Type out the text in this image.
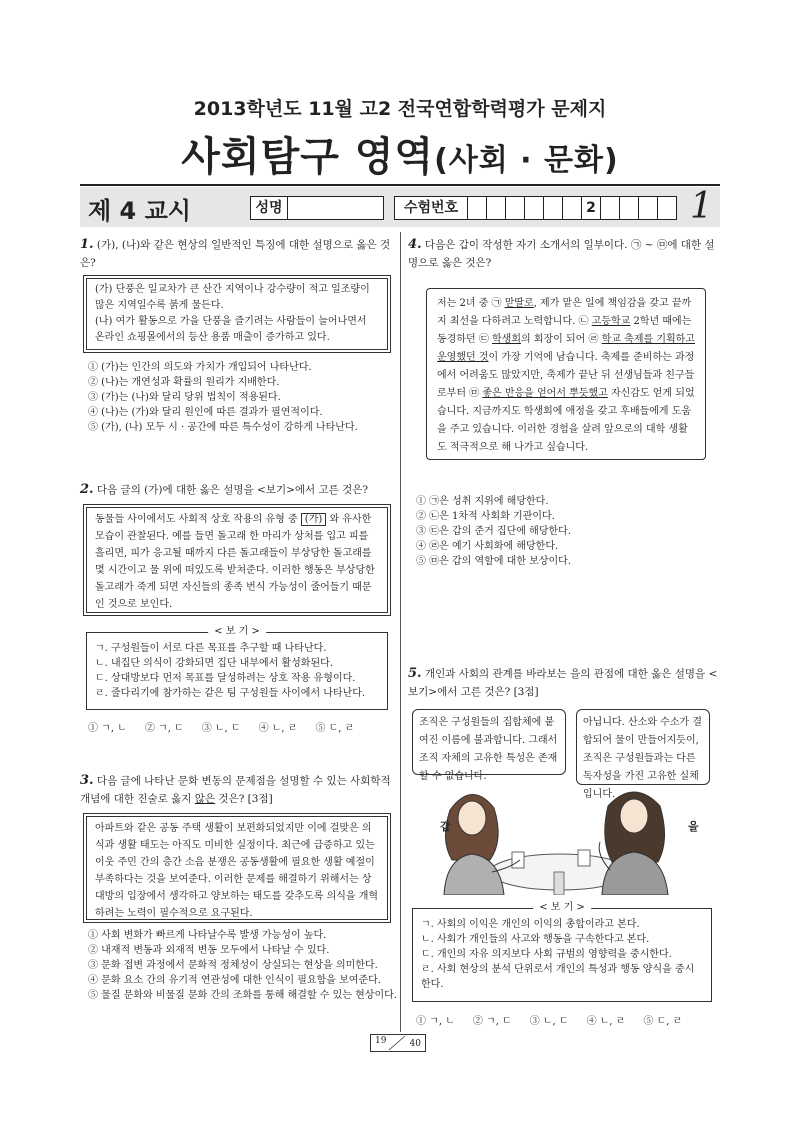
2013학년도 11월 고2 전국연합학력평가 문제지
사회탐구 영역(사회 · 문화)
제 4 교시	성명	수험번호	2	1
1. (가), (나)와 같은 현상의 일반적인 특징에 대한 설명으로 옳은 것은?
(가) 단풍은 일교차가 큰 산간 지역이나 강수량이 적고 일조량이 많은 지역일수록 붉게 물든다.
(나) 여가 활동으로 가을 단풍을 즐기려는 사람들이 늘어나면서 온라인 쇼핑몰에서의 등산 용품 매출이 증가하고 있다.
① (가)는 인간의 의도와 가치가 개입되어 나타난다.
② (나)는 개연성과 확률의 원리가 지배한다.
③ (가)는 (나)와 달리 당위 법칙이 적용된다.
④ (나)는 (가)와 달리 원인에 따른 결과가 필연적이다.
⑤ (가), (나) 모두 시 · 공간에 따른 특수성이 강하게 나타난다.
2. 다음 글의 (가)에 대한 옳은 설명을 <보기>에서 고른 것은?
동물들 사이에서도 사회적 상호 작용의 유형 중 (가) 와 유사한 모습이 관찰된다. 예를 들면 돌고래 한 마리가 상처를 입고 피를 흘리면, 피가 응고될 때까지 다른 돌고래들이 부상당한 돌고래를 몇 시간이고 물 위에 떠있도록 받쳐준다. 이러한 행동은 부상당한 돌고래가 죽게 되면 자신들의 종족 번식 가능성이 줄어들기 때문인 것으로 보인다.
< 보 기 >
ㄱ. 구성원들이 서로 다른 목표를 추구할 때 나타난다.
ㄴ. 내집단 의식이 강화되면 집단 내부에서 활성화된다.
ㄷ. 상대방보다 먼저 목표를 달성하려는 상호 작용 유형이다.
ㄹ. 줄다리기에 참가하는 같은 팀 구성원들 사이에서 나타난다.
① ㄱ, ㄴ ② ㄱ, ㄷ ③ ㄴ, ㄷ ④ ㄴ, ㄹ ⑤ ㄷ, ㄹ
3. 다음 글에 나타난 문화 변동의 문제점을 설명할 수 있는 사회학적 개념에 대한 진술로 옳지 않은 것은? [3점]
아파트와 같은 공동 주택 생활이 보편화되었지만 이에 걸맞은 의식과 생활 태도는 아직도 미비한 실정이다. 최근에 급증하고 있는 이웃 주민 간의 층간 소음 분쟁은 공동생활에 필요한 생활 예절이 부족하다는 것을 보여준다. 이러한 문제를 해결하기 위해서는 상대방의 입장에서 생각하고 양보하는 태도를 갖추도록 의식을 개혁하려는 노력이 필수적으로 요구된다.
① 사회 변화가 빠르게 나타날수록 발생 가능성이 높다.
② 내재적 변동과 외재적 변동 모두에서 나타날 수 있다.
③ 문화 접변 과정에서 문화적 정체성이 상실되는 현상을 의미한다.
④ 문화 요소 간의 유기적 연관성에 대한 인식이 필요함을 보여준다.
⑤ 물질 문화와 비물질 문화 간의 조화를 통해 해결할 수 있는 현상이다.
4. 다음은 갑이 작성한 자기 소개서의 일부이다. ㉠ ~ ㉤에 대한 설명으로 옳은 것은?
저는 2녀 중 ㉠ 맏딸로, 제가 맡은 일에 책임감을 갖고 끝까지 최선을 다하려고 노력합니다. ㉡ 고등학교 2학년 때에는 동경하던 ㉢ 학생회의 회장이 되어 ㉣ 학교 축제를 기획하고 운영했던 것이 가장 기억에 남습니다. 축제를 준비하는 과정에서 어려움도 많았지만, 축제가 끝난 뒤 선생님들과 친구들로부터 ㉤ 좋은 반응을 얻어서 뿌듯했고 자신감도 얻게 되었습니다. 지금까지도 학생회에 애정을 갖고 후배들에게 도움을 주고 있습니다. 이러한 경험을 살려 앞으로의 대학 생활도 적극적으로 해 나가고 싶습니다.
① ㉠은 성취 지위에 해당한다.
② ㉡은 1차적 사회화 기관이다.
③ ㉢은 갑의 준거 집단에 해당한다.
④ ㉣은 예기 사회화에 해당한다.
⑤ ㉤은 갑의 역할에 대한 보상이다.
5. 개인과 사회의 관계를 바라보는 을의 관점에 대한 옳은 설명을 <보기>에서 고른 것은? [3점]
조직은 구성원들의 집합체에 붙여진 이름에 불과합니다. 그래서 조직 자체의 고유한 특성은 존재할 수 없습니다.
아닙니다. 산소와 수소가 결합되어 물이 만들어지듯이, 조직은 구성원들과는 다른 독자성을 가진 고유한 실체입니다.
갑	을
< 보 기 >
ㄱ. 사회의 이익은 개인의 이익의 총합이라고 본다.
ㄴ. 사회가 개인들의 사고와 행동을 구속한다고 본다.
ㄷ. 개인의 자유 의지보다 사회 규범의 영향력을 중시한다.
ㄹ. 사회 현상의 분석 단위로서 개인의 특성과 행동 양식을 중시한다.
① ㄱ, ㄴ ② ㄱ, ㄷ ③ ㄴ, ㄷ ④ ㄴ, ㄹ ⑤ ㄷ, ㄹ
19	40
